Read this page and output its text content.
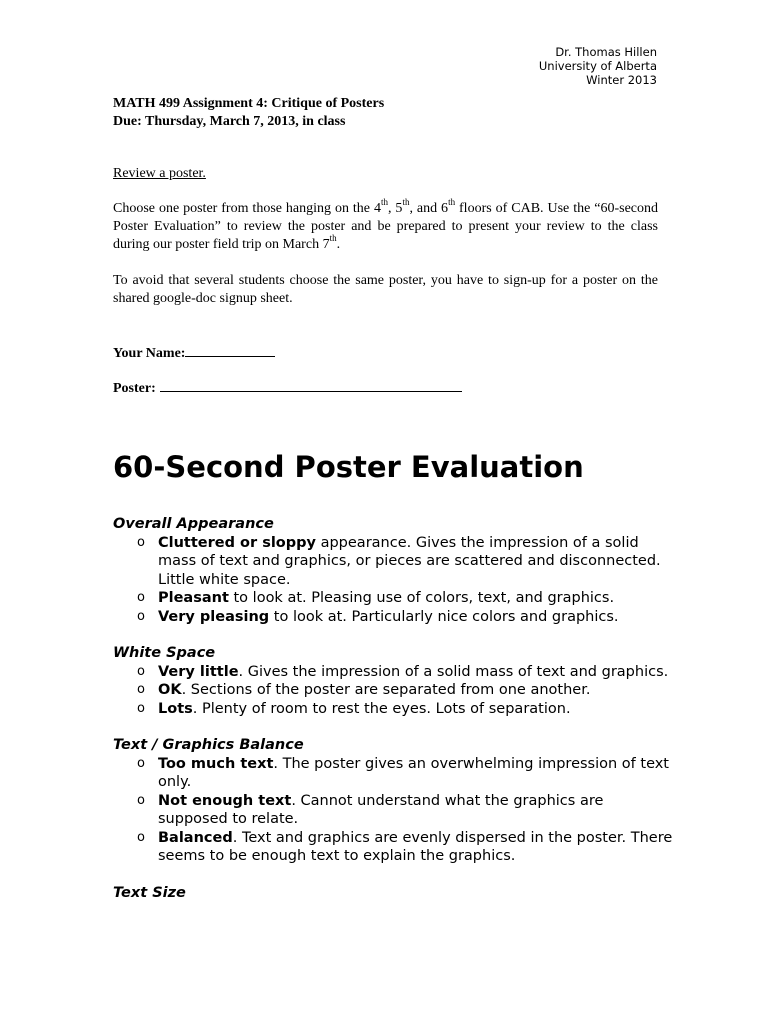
Dr. Thomas Hillen
University of Alberta
Winter 2013
MATH 499 Assignment 4: Critique of Posters
Due: Thursday, March 7, 2013, in class
Review a poster.
Choose one poster from those hanging on the 4th, 5th, and 6th floors of CAB. Use the “60-second Poster Evaluation” to review the poster and be prepared to present your review to the class during our poster field trip on March 7th.
To avoid that several students choose the same poster, you have to sign-up for a poster on the shared google-doc signup sheet.
Your Name:
Poster:
60-Second Poster Evaluation
Overall Appearance
o Cluttered or sloppy appearance. Gives the impression of a solid mass of text and graphics, or pieces are scattered and disconnected. Little white space.
o Pleasant to look at. Pleasing use of colors, text, and graphics.
o Very pleasing to look at. Particularly nice colors and graphics.
White Space
o Very little. Gives the impression of a solid mass of text and graphics.
o OK. Sections of the poster are separated from one another.
o Lots. Plenty of room to rest the eyes. Lots of separation.
Text / Graphics Balance
o Too much text. The poster gives an overwhelming impression of text only.
o Not enough text. Cannot understand what the graphics are supposed to relate.
o Balanced. Text and graphics are evenly dispersed in the poster. There seems to be enough text to explain the graphics.
Text Size
